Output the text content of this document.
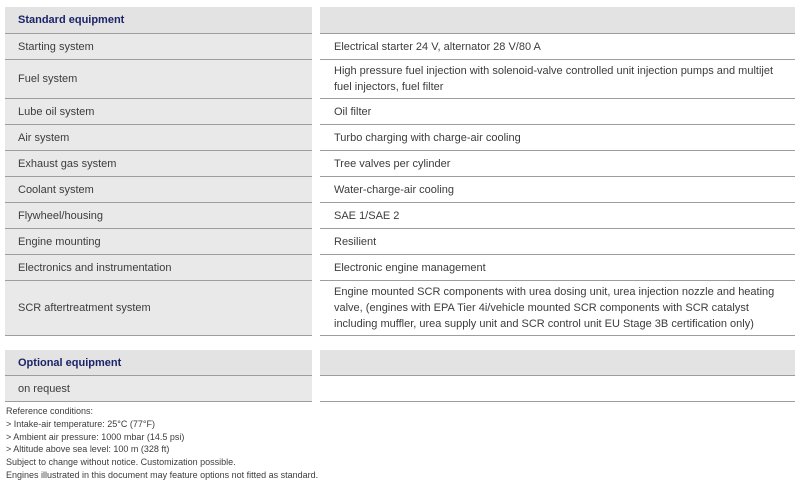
Standard equipment		
Starting system		Electrical starter 24 V, alternator 28 V/80 A
Fuel system		High pressure fuel injection with solenoid-valve controlled unit injection pumps and multijet fuel injectors, fuel filter
Lube oil system		Oil filter
Air system		Turbo charging with charge-air cooling
Exhaust gas system		Tree valves per cylinder
Coolant system		Water-charge-air cooling
Flywheel/housing		SAE 1/SAE 2
Engine mounting		Resilient
Electronics and instrumentation		Electronic engine management
SCR aftertreatment system		Engine mounted SCR components with urea dosing unit, urea injection nozzle and heating valve, (engines with EPA Tier 4i/vehicle mounted SCR components with SCR catalyst including muffler, urea supply unit and SCR control unit EU Stage 3B certification only)

Optional equipment		
on request		
Reference conditions:
> Intake-air temperature: 25°C (77°F)
> Ambient air pressure: 1000 mbar (14.5 psi)
> Altitude above sea level: 100 m (328 ft)
Subject to change without notice. Customization possible.
Engines illustrated in this document may feature options not fitted as standard.
